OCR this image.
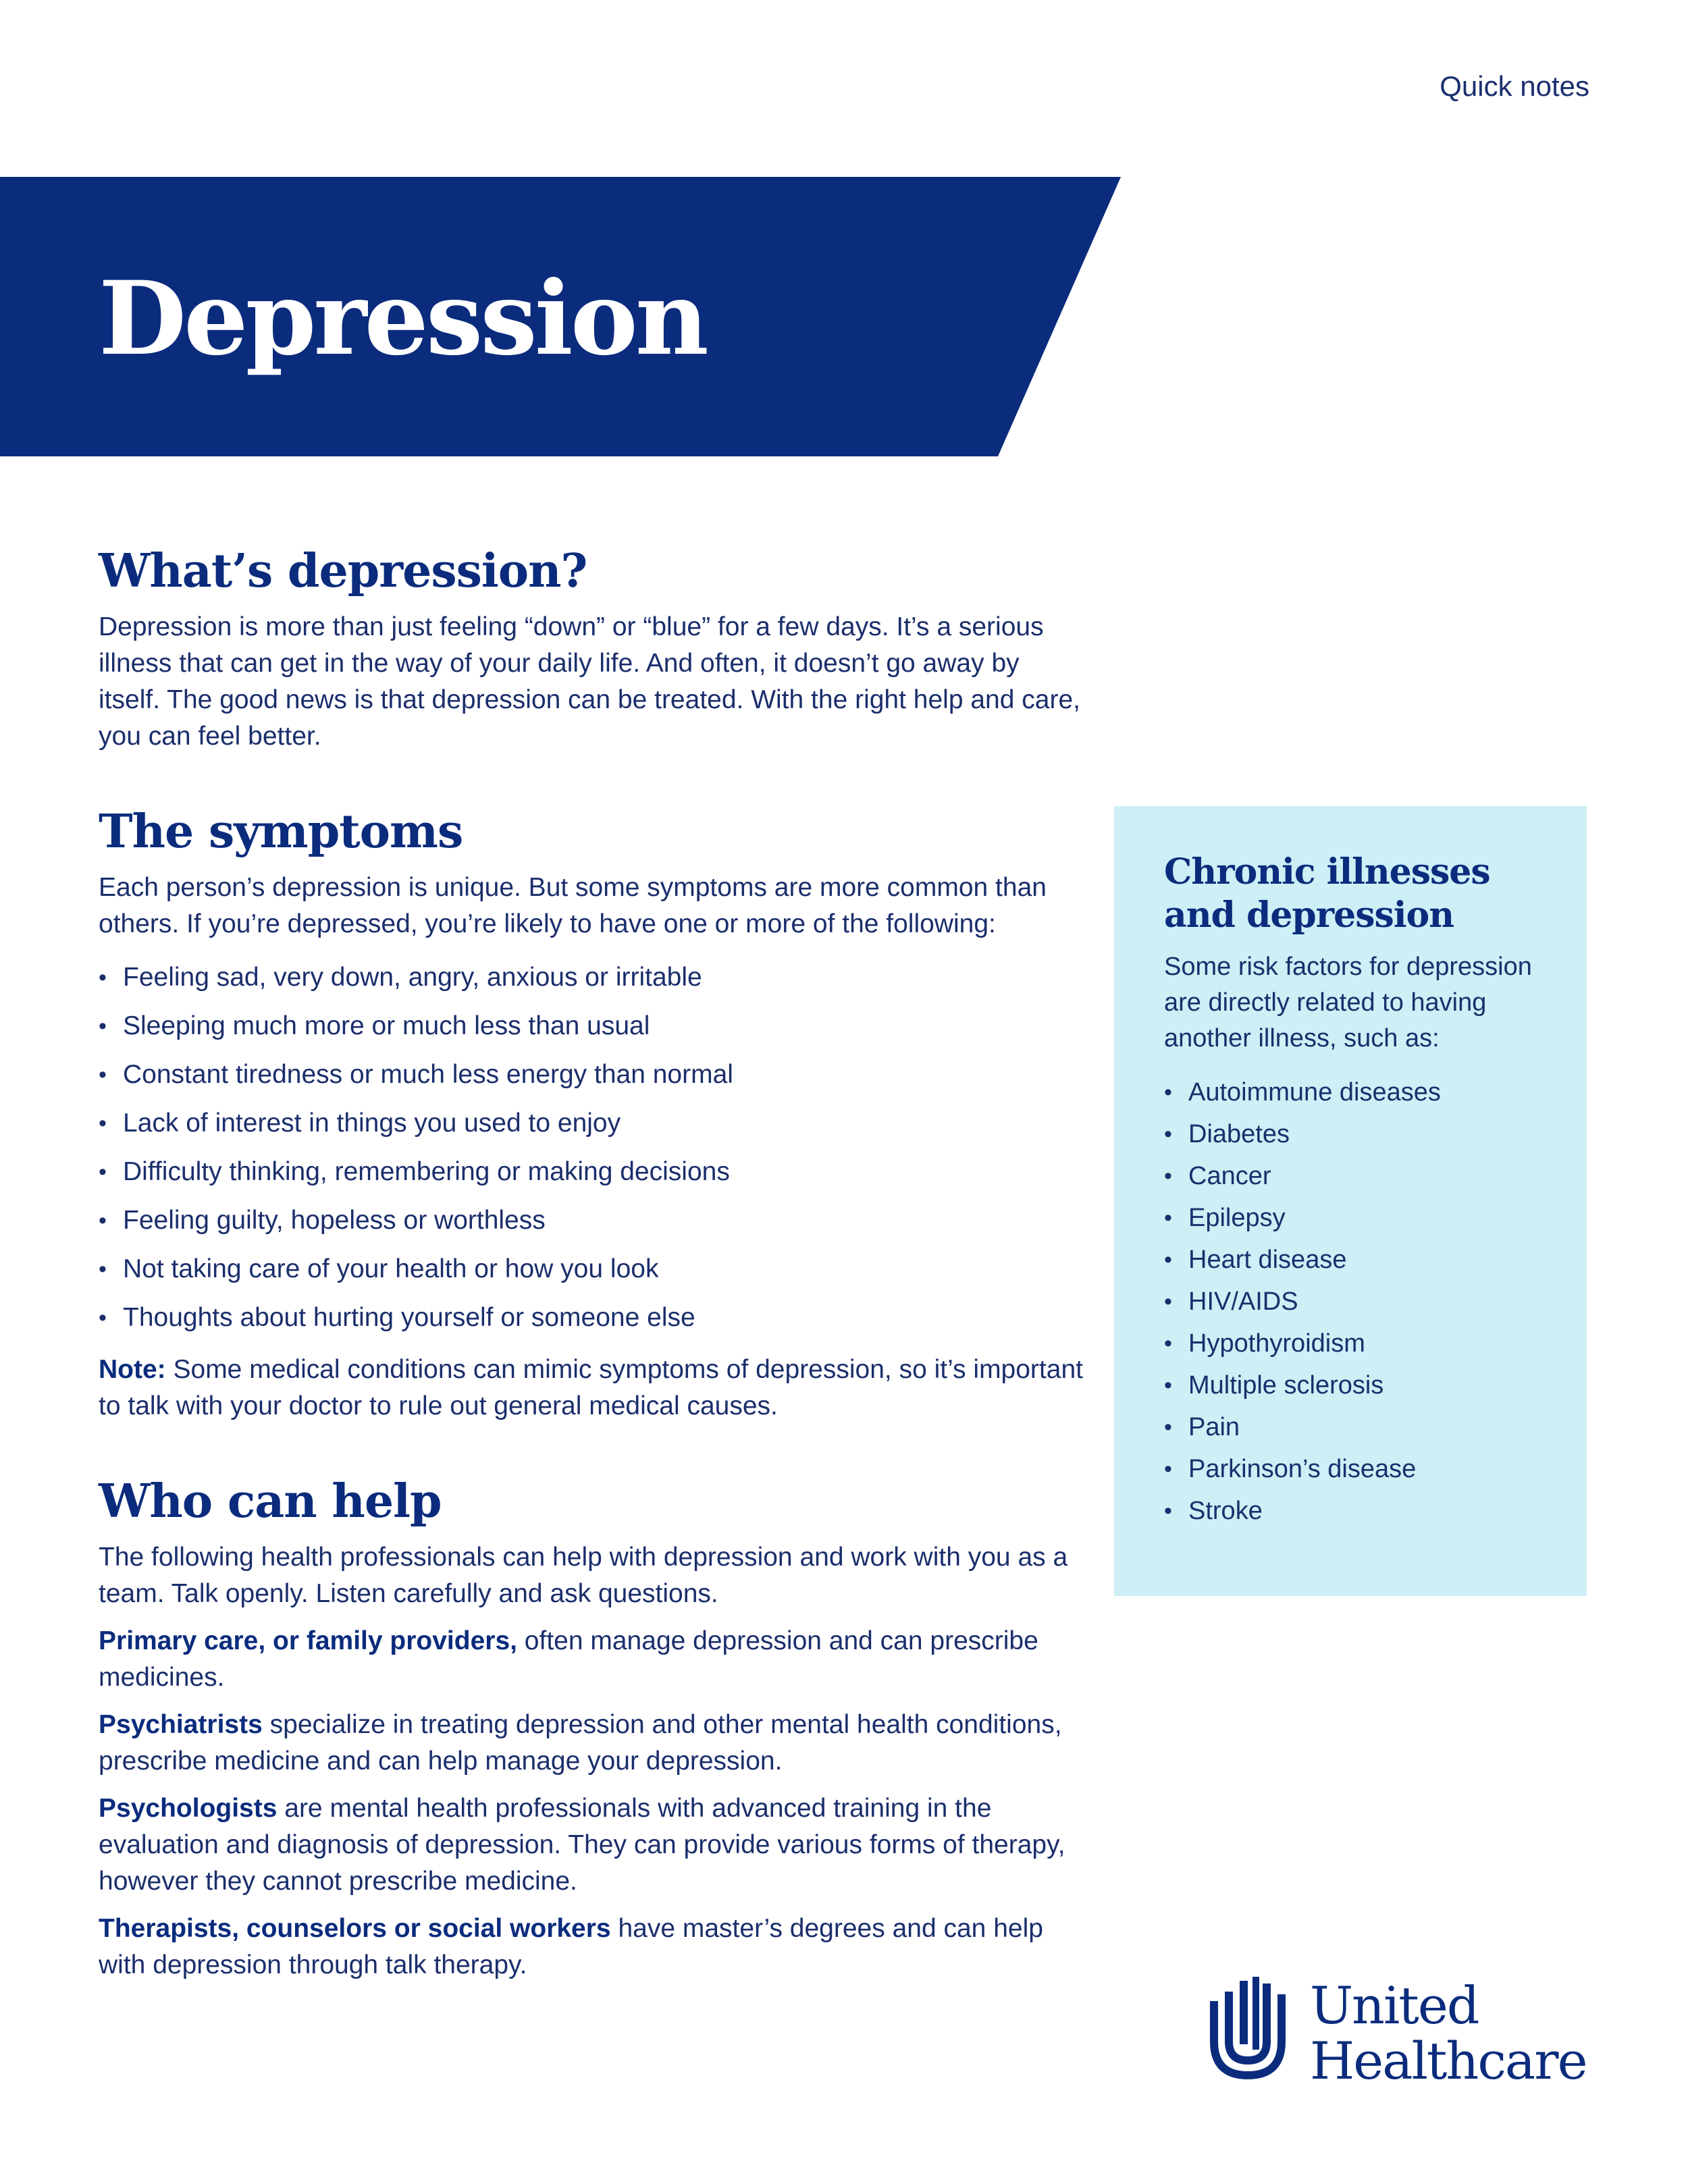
Quick notes
Depression
What’s depression?

Depression is more than just feeling “down” or “blue” for a few days. It’s a serious illness that can get in the way of your daily life. And often, it doesn’t go away by itself. The good news is that depression can be treated. With the right help and care, you can feel better.

The symptoms

Each person’s depression is unique. But some symptoms are more common than others. If you’re depressed, you’re likely to have one or more of the following:

• Feeling sad, very down, angry, anxious or irritable
• Sleeping much more or much less than usual
• Constant tiredness or much less energy than normal
• Lack of interest in things you used to enjoy
• Difficulty thinking, remembering or making decisions
• Feeling guilty, hopeless or worthless
• Not taking care of your health or how you look
• Thoughts about hurting yourself or someone else

Note: Some medical conditions can mimic symptoms of depression, so it’s important to talk with your doctor to rule out general medical causes.

Who can help

The following health professionals can help with depression and work with you as a team. Talk openly. Listen carefully and ask questions.

Primary care, or family providers, often manage depression and can prescribe medicines.

Psychiatrists specialize in treating depression and other mental health conditions, prescribe medicine and can help manage your depression.

Psychologists are mental health professionals with advanced training in the evaluation and diagnosis of depression. They can provide various forms of therapy, however they cannot prescribe medicine.

Therapists, counselors or social workers have master’s degrees and can help with depression through talk therapy.

Chronic illnesses
and depression

Some risk factors for depression are directly related to having another illness, such as:

• Autoimmune diseases
• Diabetes
• Cancer
• Epilepsy
• Heart disease
• HIV/AIDS
• Hypothyroidism
• Multiple sclerosis
• Pain
• Parkinson’s disease
• Stroke
United
Healthcare
